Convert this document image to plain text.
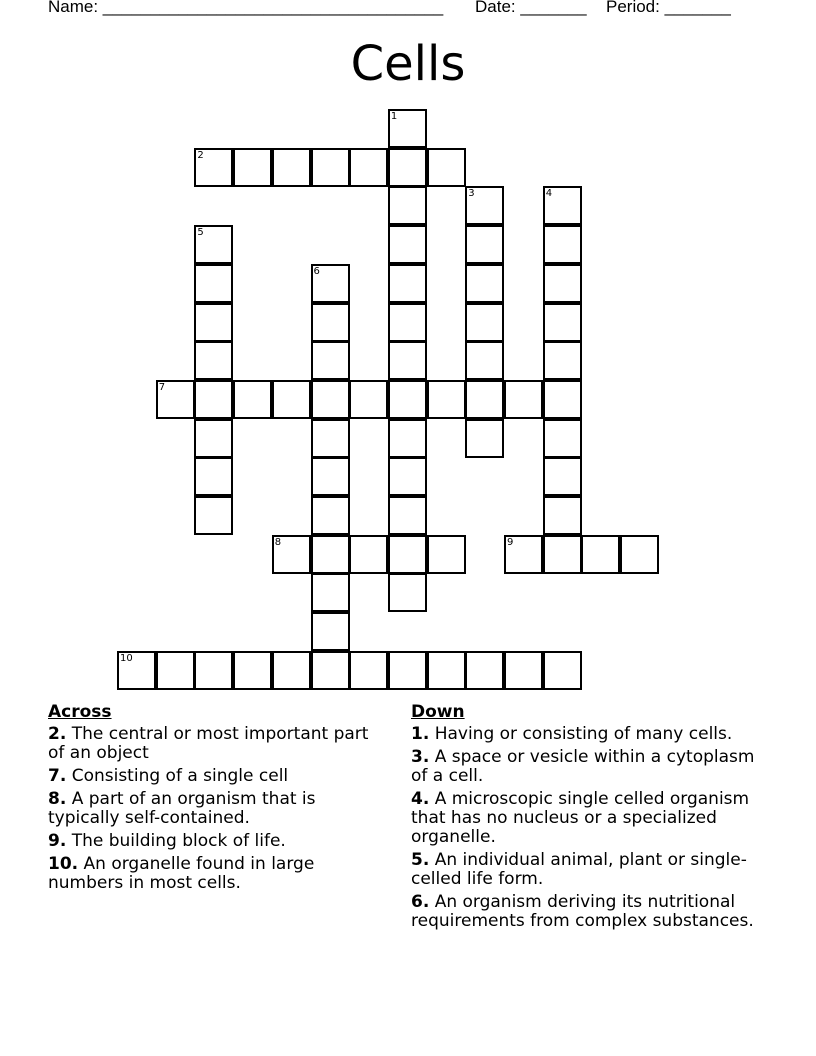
Name: ____________________________________ Date: _______ Period: _______
Cells
1
2
3	4
5
6
7
8	9
10
Across
2. The central or most important part of an object
7. Consisting of a single cell
8. A part of an organism that is typically self-contained.
9. The building block of life.
10. An organelle found in large numbers in most cells.
Down
1. Having or consisting of many cells.
3. A space or vesicle within a cytoplasm of a cell.
4. A microscopic single celled organism that has no nucleus or a specialized organelle.
5. An individual animal, plant or single-celled life form.
6. An organism deriving its nutritional requirements from complex substances.
